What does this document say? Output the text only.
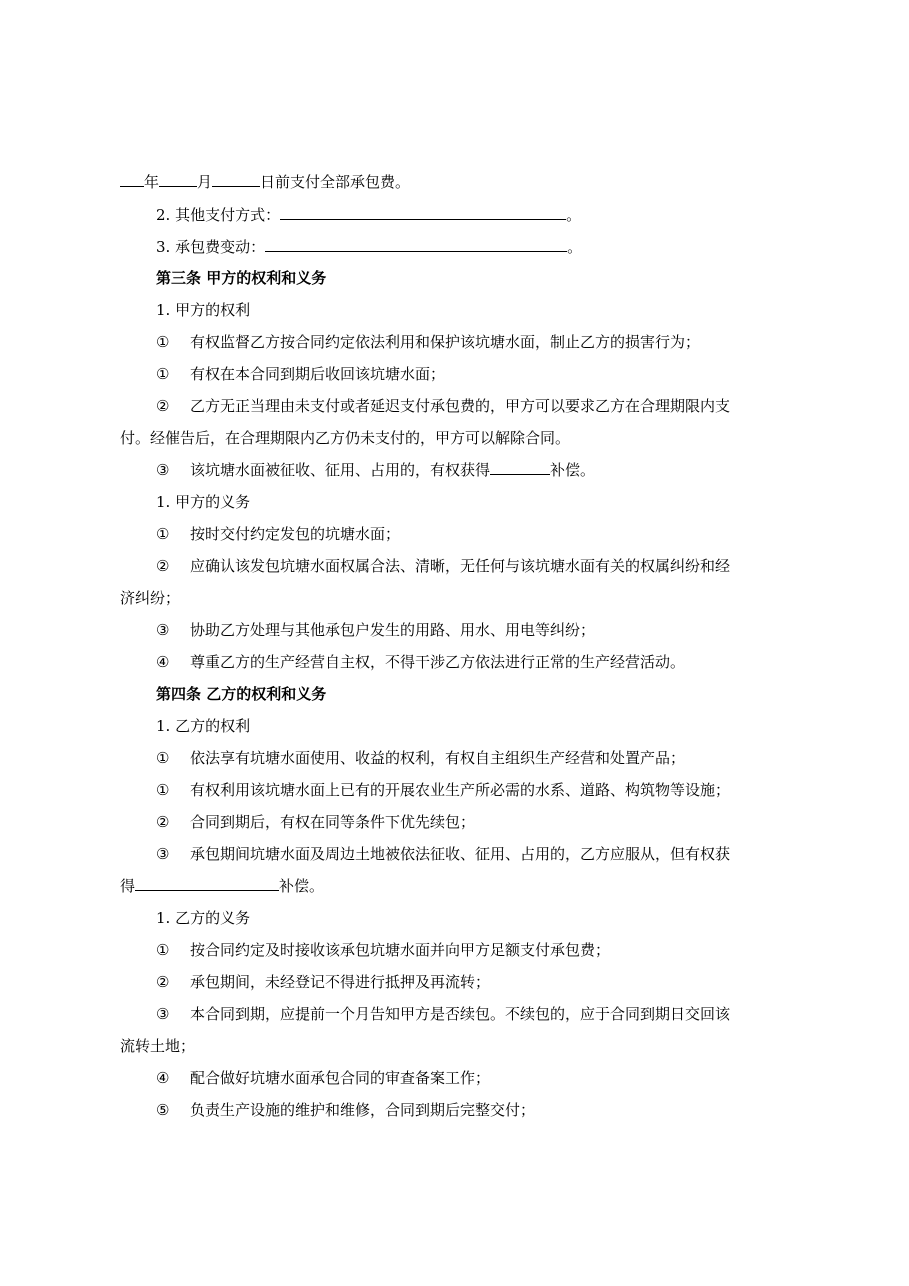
年	月	日前支付全部承包费。
2. 其他支付方式：	。
3. 承包费变动：	。
第三条 甲方的权利和义务
1. 甲方的权利
① 有权监督乙方按合同约定依法利用和保护该坑塘水面，制止乙方的损害行为；
① 有权在本合同到期后收回该坑塘水面；
② 乙方无正当理由未支付或者延迟支付承包费的，甲方可以要求乙方在合理期限内支
付。经催告后，在合理期限内乙方仍未支付的，甲方可以解除合同。
③ 该坑塘水面被征收、征用、占用的，有权获得	补偿。
1. 甲方的义务
① 按时交付约定发包的坑塘水面；
② 应确认该发包坑塘水面权属合法、清晰，无任何与该坑塘水面有关的权属纠纷和经
济纠纷；
③ 协助乙方处理与其他承包户发生的用路、用水、用电等纠纷；
④ 尊重乙方的生产经营自主权，不得干涉乙方依法进行正常的生产经营活动。
第四条 乙方的权利和义务
1. 乙方的权利
① 依法享有坑塘水面使用、收益的权利，有权自主组织生产经营和处置产品；
① 有权利用该坑塘水面上已有的开展农业生产所必需的水系、道路、构筑物等设施；
② 合同到期后，有权在同等条件下优先续包；
③ 承包期间坑塘水面及周边土地被依法征收、征用、占用的，乙方应服从，但有权获
得	补偿。
1. 乙方的义务
① 按合同约定及时接收该承包坑塘水面并向甲方足额支付承包费；
② 承包期间，未经登记不得进行抵押及再流转；
③ 本合同到期，应提前一个月告知甲方是否续包。不续包的，应于合同到期日交回该
流转土地；
④ 配合做好坑塘水面承包合同的审查备案工作；
⑤ 负责生产设施的维护和维修，合同到期后完整交付；
